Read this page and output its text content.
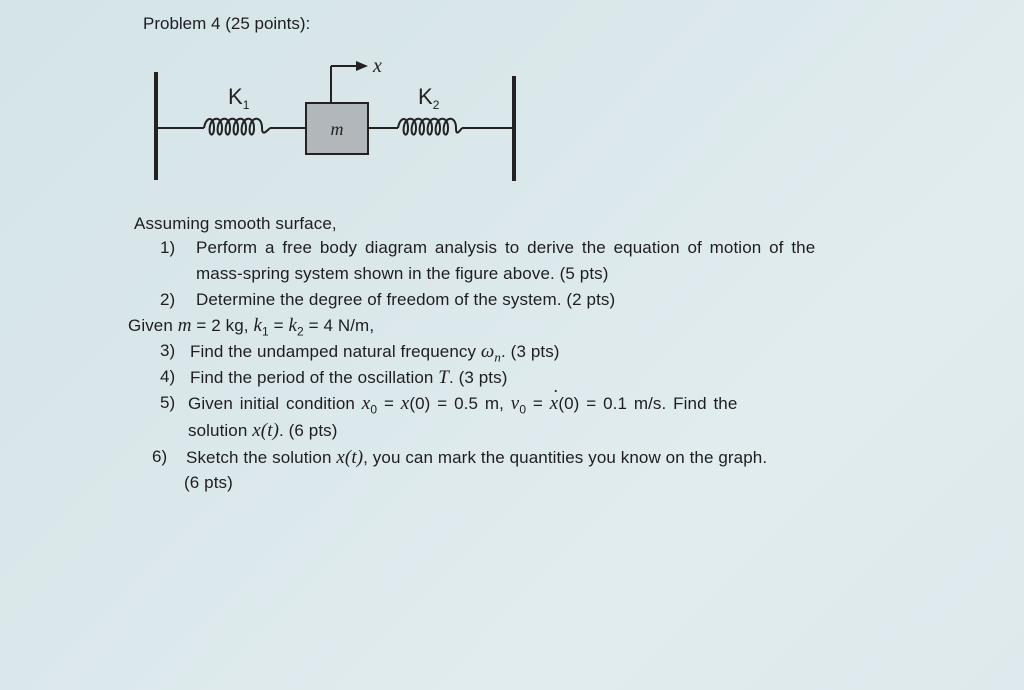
Problem 4 (25 points):
m
x
$K_1$	$K_2$
Assuming smooth surface,
1) Perform a free body diagram analysis to derive the equation of motion of the
mass-spring system shown in the figure above. (5 pts)
2) Determine the degree of freedom of the system. (2 pts)
Given m = 2 kg, $k_1 = k_2 = 4$ N/m,
3) Find the undamped natural frequency $\omega_n$. (3 pts)
4) Find the period of the oscillation T. (3 pts)
5) Given initial condition $x_0 = x(0) = 0.5$ m, $v_0$ = · x(0) = 0.1 m/s. Find the
solution x(t). (6 pts)
6) Sketch the solution x(t), you can mark the quantities you know on the graph.
(6 pts)
